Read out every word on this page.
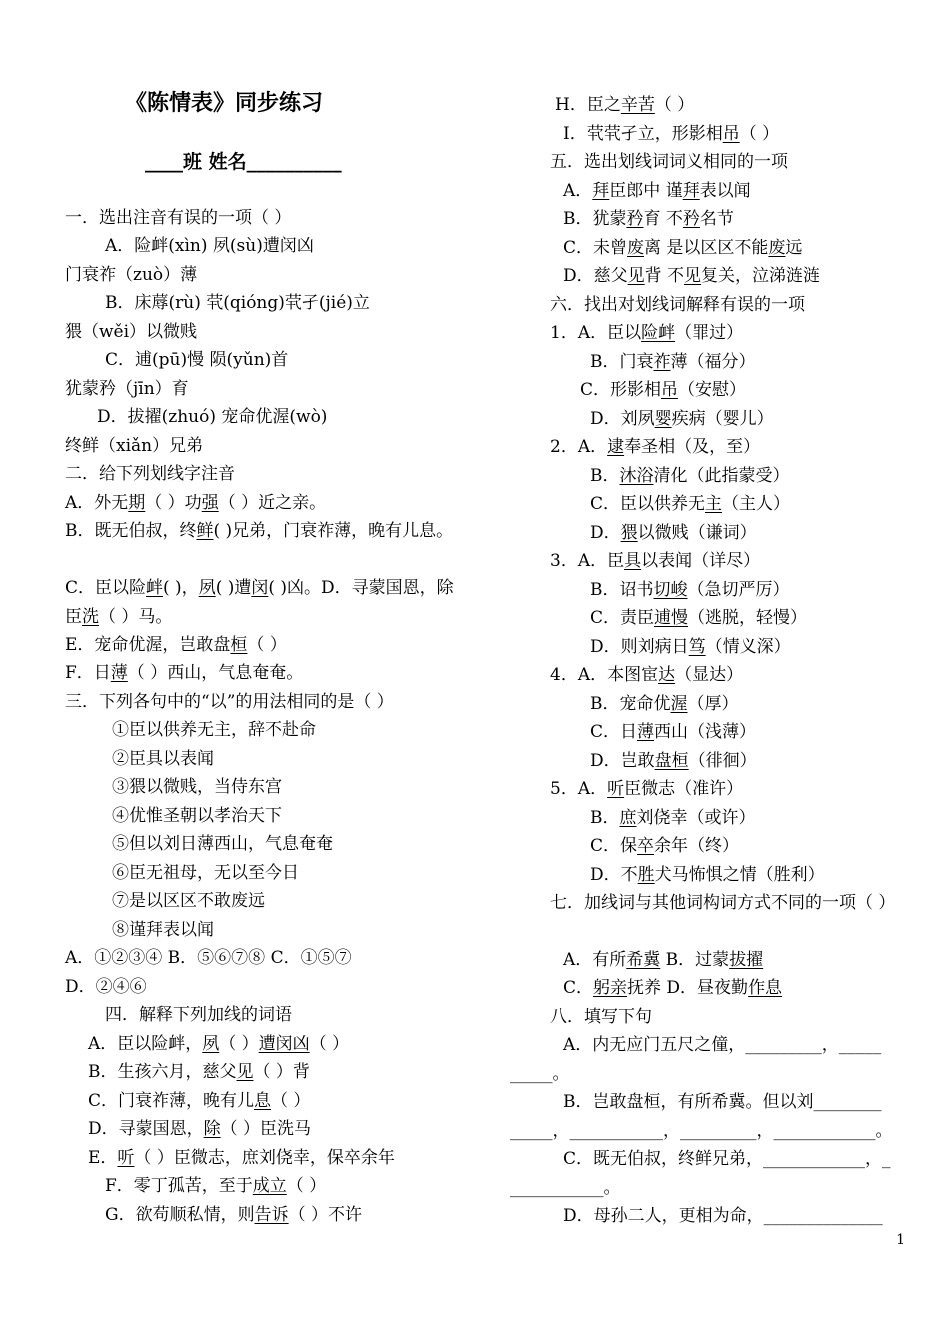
《陈情表》同步练习
____班 姓名__________
一．选出注音有误的一项（ ）
A．险衅(xìn) 夙(sù)遭闵凶
门衰祚（zuò）薄
B．床蓐(rù) 茕(qióng)茕孑(jié)立
猥（wěi）以微贱
C．逋(pū)慢 陨(yǔn)首
犹蒙矜（jīn）育
D．拔擢(zhuó) 宠命优渥(wò)
终鲜（xiǎn）兄弟
二．给下列划线字注音
A．外无期（ ）功强（ ）近之亲。
B．既无伯叔，终鲜( )兄弟，门衰祚薄，晚有儿息。
C．臣以险衅( )，夙( )遭闵( )凶。D．寻蒙国恩，除臣洗（ ）马。
E．宠命优渥，岂敢盘桓（ ）
F．日薄（ ）西山，气息奄奄。
三．下列各句中的“以”的用法相同的是（ ）
①臣以供养无主，辞不赴命
②臣具以表闻
③猥以微贱，当侍东宫
④优惟圣朝以孝治天下
⑤但以刘日薄西山，气息奄奄
⑥臣无祖母，无以至今日
⑦是以区区不敢废远
⑧谨拜表以闻
A．①②③④ B．⑤⑥⑦⑧ C．①⑤⑦
D．②④⑥
四．解释下列加线的词语
A．臣以险衅，夙（ ）遭闵凶（ ）
B．生孩六月，慈父见（ ）背
C．门衰祚薄，晚有儿息（ ）
D．寻蒙国恩，除（ ）臣洗马
E．听（ ）臣微志，庶刘侥幸，保卒余年
F．零丁孤苦，至于成立（ ）
G．欲苟顺私情，则告诉（ ）不许
H．臣之辛苦（ ）
I．茕茕孑立，形影相吊（ ）
五．选出划线词词义相同的一项
A．拜臣郎中 谨拜表以闻
B．犹蒙矜育 不矜名节
C．未曾废离 是以区区不能废远
D．慈父见背 不见复关，泣涕涟涟
六．找出对划线词解释有误的一项
1．A．臣以险衅（罪过）
B．门衰祚薄（福分）
C．形影相吊（安慰）
D．刘夙婴疾病（婴儿）
2．A．逮奉圣相（及，至）
B．沐浴清化（此指蒙受）
C．臣以供养无主（主人）
D．猥以微贱（谦词）
3．A．臣具以表闻（详尽）
B．诏书切峻（急切严厉）
C．责臣逋慢（逃脱，轻慢）
D．则刘病日笃（情义深）
4．A．本图宦达（显达）
B．宠命优渥（厚）
C．日薄西山（浅薄）
D．岂敢盘桓（徘徊）
5．A．听臣微志（准许）
B．庶刘侥幸（或许）
C．保卒余年（终）
D．不胜犬马怖惧之情（胜利）
七．加线词与其他词构词方式不同的一项（ ）
A．有所希冀 B．过蒙拔擢
C．躬亲抚养 D．昼夜勤作息
八．填写下句
A．内无应门五尺之僮，_________，_____
_____。
B．岂敢盘桓，有所希冀。但以刘________
_____，___________，_________，____________。
C．既无伯叔，终鲜兄弟，____________，_
___________。
D．母孙二人，更相为命，______________
1
